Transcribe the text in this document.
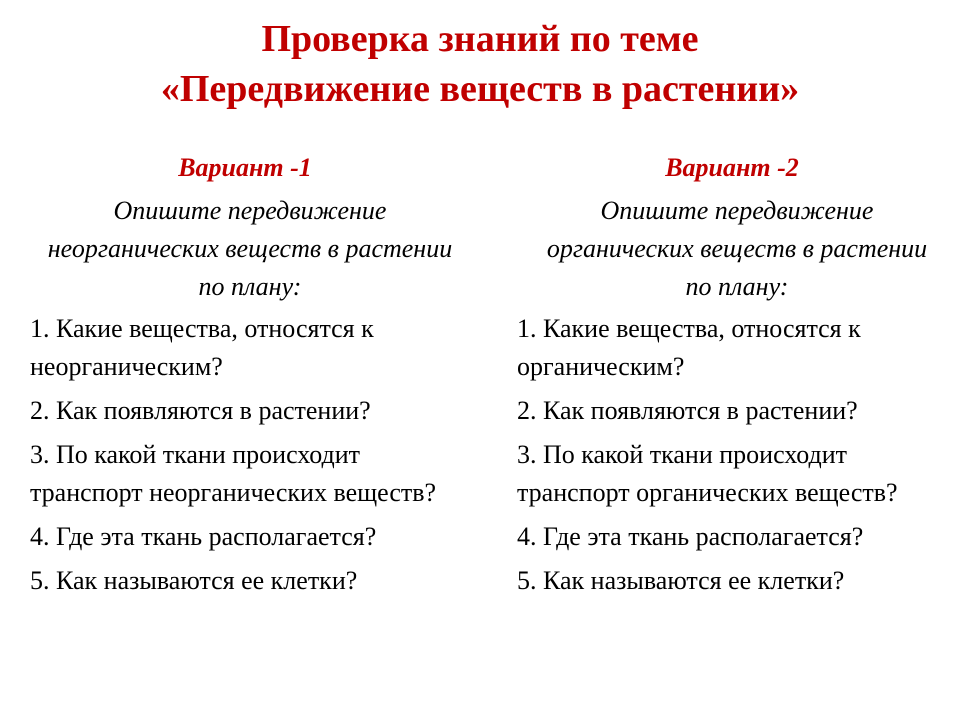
Проверка знаний по теме
«Передвижение веществ в растении»
Вариант -1
Опишите передвижение неорганических веществ в растении по плану:
1. Какие вещества, относятся к неорганическим?
2. Как появляются в растении?
3. По какой ткани происходит транспорт неорганических веществ?
4. Где эта ткань располагается?
5. Как называются ее клетки?
Вариант -2
Опишите передвижение органических веществ в растении по плану:
1. Какие вещества, относятся к органическим?
2. Как появляются в растении?
3. По какой ткани происходит транспорт органических веществ?
4. Где эта ткань располагается?
5. Как называются ее клетки?
